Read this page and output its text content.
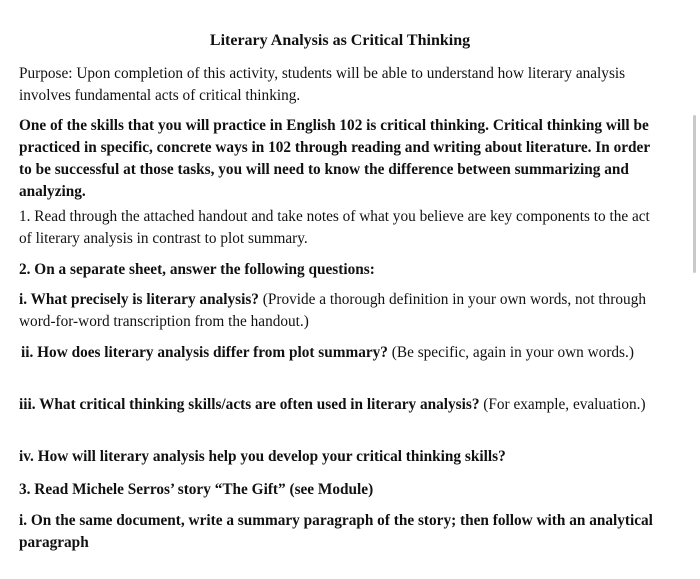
Literary Analysis as Critical Thinking

Purpose: Upon completion of this activity, students will be able to understand how literary analysis involves fundamental acts of critical thinking.

One of the skills that you will practice in English 102 is critical thinking. Critical thinking will be practiced in specific, concrete ways in 102 through reading and writing about literature. In order to be successful at those tasks, you will need to know the difference between summarizing and analyzing.

1. Read through the attached handout and take notes of what you believe are key components to the act of literary analysis in contrast to plot summary.

2. On a separate sheet, answer the following questions:

i. What precisely is literary analysis? (Provide a thorough definition in your own words, not through word-for-word transcription from the handout.)

ii. How does literary analysis differ from plot summary? (Be specific, again in your own words.)

iii. What critical thinking skills/acts are often used in literary analysis? (For example, evaluation.)

iv. How will literary analysis help you develop your critical thinking skills?

3. Read Michele Serros’ story “The Gift” (see Module)

i. On the same document, write a summary paragraph of the story; then follow with an analytical paragraph
